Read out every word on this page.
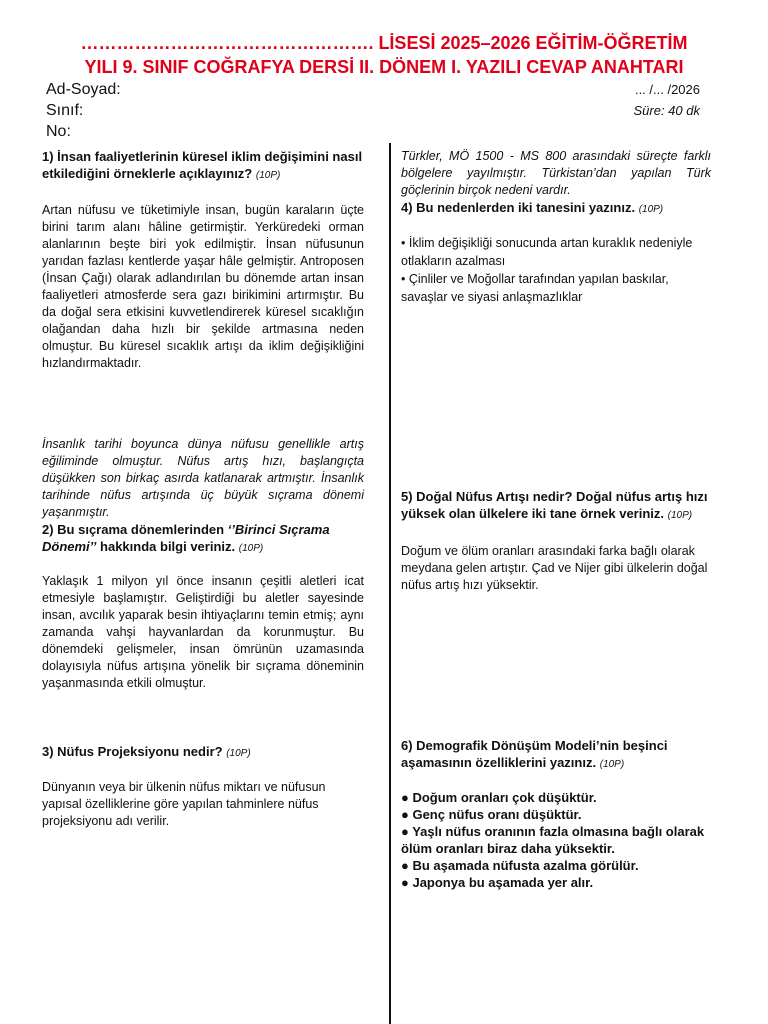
…………………………………………. LİSESİ 2025–2026 EĞİTİM-ÖĞRETİM
YILI 9. SINIF COĞRAFYA DERSİ II. DÖNEM I. YAZILI CEVAP ANAHTARI
Ad-Soyad:
Sınıf:
No:
... /... /2026
Süre: 40 dk

1) İnsan faaliyetlerinin küresel iklim değişimini nasıl etkilediğini örneklerle açıklayınız? (10P)

Artan nüfusu ve tüketimiyle insan, bugün karaların üçte birini tarım alanı hâline getirmiştir. Yerküredeki orman alanlarının beşte biri yok edilmiştir. İnsan nüfusunun yarıdan fazlası kentlerde yaşar hâle gelmiştir. Antroposen (İnsan Çağı) olarak adlandırılan bu dönemde artan insan faaliyetleri atmosferde sera gazı birikimini artırmıştır. Bu da doğal sera etkisini kuvvetlendirerek küresel sıcaklığın olağandan daha hızlı bir şekilde artmasına neden olmuştur. Bu küresel sıcaklık artışı da iklim değişikliğini hızlandırmaktadır.

İnsanlık tarihi boyunca dünya nüfusu genellikle artış eğiliminde olmuştur. Nüfus artış hızı, başlangıçta düşükken son birkaç asırda katlanarak artmıştır. İnsanlık tarihinde nüfus artışında üç büyük sıçrama dönemi yaşanmıştır.

2) Bu sıçrama dönemlerinden ‘’Birinci Sıçrama Dönemi’’ hakkında bilgi veriniz. (10P)

Yaklaşık 1 milyon yıl önce insanın çeşitli aletleri icat etmesiyle başlamıştır. Geliştirdiği bu aletler sayesinde insan, avcılık yaparak besin ihtiyaçlarını temin etmiş; aynı zamanda vahşi hayvanlardan da korunmuştur. Bu dönemdeki gelişmeler, insan ömrünün uzamasında dolayısıyla nüfus artışına yönelik bir sıçrama döneminin yaşanmasında etkili olmuştur.

3) Nüfus Projeksiyonu nedir? (10P)

Dünyanın veya bir ülkenin nüfus miktarı ve nüfusun yapısal özelliklerine göre yapılan tahminlere nüfus projeksiyonu adı verilir.

Türkler, MÖ 1500 - MS 800 arasındaki süreçte farklı bölgelere yayılmıştır. Türkistan’dan yapılan Türk göçlerinin birçok nedeni vardır.

4) Bu nedenlerden iki tanesini yazınız. (10P)

• İklim değişikliği sonucunda artan kuraklık nedeniyle otlakların azalması
• Çinliler ve Moğollar tarafından yapılan baskılar, savaşlar ve siyasi anlaşmazlıklar

5) Doğal Nüfus Artışı nedir? Doğal nüfus artış hızı yüksek olan ülkelere iki tane örnek veriniz. (10P)

Doğum ve ölüm oranları arasındaki farka bağlı olarak meydana gelen artıştır. Çad ve Nijer gibi ülkelerin doğal nüfus artış hızı yüksektir.

6) Demografik Dönüşüm Modeli’nin beşinci aşamasının özelliklerini yazınız. (10P)

● Doğum oranları çok düşüktür.
● Genç nüfus oranı düşüktür.
● Yaşlı nüfus oranının fazla olmasına bağlı olarak ölüm oranları biraz daha yüksektir.
● Bu aşamada nüfusta azalma görülür.
● Japonya bu aşamada yer alır.
